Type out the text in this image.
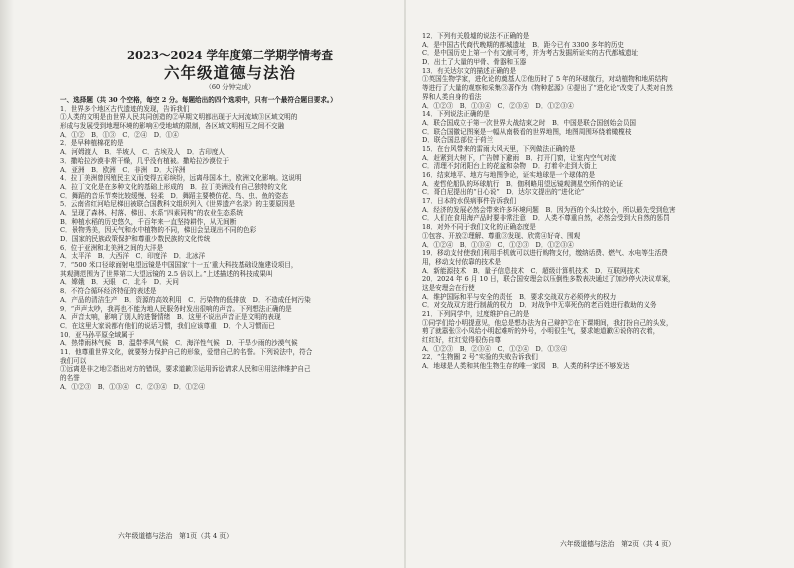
2023～2024 学年度第二学期学情考查
六年级道德与法治
（60 分钟完成）
一、选择题（共 30 个空格，每空 2 分。每题给出的四个选项中，只有一个最符合题目要求。）
1．世界多个地区古代遗迹的发现，告诉我们
①人类的文明是由世界人民共同创造的②早期文明都出现于大河流域③区域文明的
形成与发展受到地理环境的影响④受地域的限制，各区域文明相互之间不交融
A．①②　B．①③　C．②④　D．①④
2．是早种植棉花的是
A．河姆渡人　B．半坡人　C．古埃及人　D．古印度人
3．撒哈拉沙漠非常干燥，几乎没有植被。撒哈拉沙漠位于
A．亚洲　B．欧洲　C．非洲　D．大洋洲
4．拉丁美洲曾因殖民主义而变得五彩缤纷，远离母国本土，欧洲文化影响。这说明
A．拉丁文化是在多种文化的基础上形成的　B．拉丁美洲没有自己独特的文化
C．舞蹈的音乐节奏比较缓慢、轻柔　D．舞蹈主要模仿花、鸟、虫、鱼的姿态
5．云南省红河哈尼梯田被联合国教科文组织列入《世界遗产名录》的主要原因是
A．呈现了森林、村落、梯田、水系“四素同构”的农业生态系统
B．种植水稻的历史悠久，千百年来一直坚持耕作，从无间断
C．景物秀美，因天气和水中植物的不同，梯田会呈现出不同的色彩
D．国家的民族政策保护和尊重少数民族的文化传统
6．位于亚洲和北美洲之间的大洋是
A．太平洋　B．大西洋　C．印度洋　D．北冰洋
7．“500 米口径球面射电望远镜是中国国家‘十一五’重大科技基础设施建设项目，
其观测范围为了世界第二大望远镜的 2.5 倍以上。”上述描述的科技成果叫
A．嫦娥　B．天眼　C．北斗　D．天问
8．不符合循环经济特征的表述是
A．产品的清洁生产　B．资源的高效利用　C．污染物的低排放　D．不造成任何污染
9．“声声太吵，我再也不能为地人民服务时发出很响的声音。下列想法正确的是
A．声音太响，影响了别人的进餐情绪　B．这里不说出声音正是文明的表现
C．在这里大家说都有他们的说话习惯，我们应该尊重　D．个人习惯而已
10．亚马孙平原全域属于
A．热带雨林气候　B．温带季风气候　C．海洋性气候　D．干旱少雨的沙漠气候
11．他尊重世界文化，就要努力保护自己的形象，爱惜自己的名誉。下列说法中，符合
我们可以
①远离是非之地②指出对方的错误，要求道歉③运用诉讼请求人民和④用法律维护自己
的名誉
A．①②③　B．①③④　C．②③④　D．①②④
六年级道德与法治　第1页（共 4 页）
12．下列有关殷墟的说法不正确的是
A．是中国古代商代晚期的都城遗址　B．距今已有 3300 多年的历史
C．是中国历史上第一个有文献可考，并为考古发掘所证实的古代都城遗址
D．出土了大量的甲骨、骨器和玉器
13．有关达尔文的描述正确的是
①英国生物学家，进化论的奠基人②他历时了 5 年的环球航行，对动植物和地质结构
等进行了大量的观察和采集③著作为《物种起源》④提出了“进化论”改变了人类对自然
界和人类自身的看法
A．①②③　B．①③④　C．②③④　D．①②③④
14．下列说法正确的是
A．联合国成立于第一次世界大战结束之时　B．中国是联合国创始会员国
C．联合国徽记图案是一幅从南极看的世界地图，地图周围环绕着橄榄枝
D．联合国总部位于荷兰
15．在台风带来的雷雨大风天里，下列做法正确的是
A．赶紧到大树下，广告牌下避雨　B．打开门窗，让室内空气对流
C．清理不封闭阳台上的花盆和杂物　D．打着伞走到大街上
16．结束地平、地方与地图争论，证实地球是一个球体的是
A．麦哲伦船队的环球航行　B．伽利略用望远镜观测星空所作的论证
C．哥白尼提出的“日心说”　D．达尔文提出的“进化论”
17．日本的水俣病事件告诉我们
A．经济的发展必然会带来许多环境问题　B．因为西的个头比较小，所以最先受到危害
C．人们在食用海产品时要非常注意　D．人类不尊重自然，必然会受到大自然的惩罚
18．对外不同于我们文化的正确态度是
①包容、开放②理解、尊重③发现、欣赏④好奇、围观
A．①②④　B．①③④　C．①②③　D．①②③④
19．移动支付使我们利用手机就可以进行购物支付，缴纳话费、燃气、水电等生活费
用，移动支付依靠的技术是
A．新能源技术　B．量子信息技术　C．超级计算机技术　D．互联网技术
20．2024 年 6 月 10 日，联合国安理会以压倒性多数表决通过了加沙停火决议草案，
这是安理会在行使
A．维护国际和平与安全的责任　B．要求交战双方必须停火的权力
C．对交战双方进行制裁的权力　D．对战争中无辜死伤的老百姓进行救助的义务
21．下列同学中，过度维护自己的是
①同学们给小明提意见，他总是想办法为自己辩护②在下课期间，我打扮自己的头发，
剪了就嚣张③小凤给小明起难听的外号，小明很生气，要求她道歉④说你的衣着，
红红好，红红觉得很伤自尊
A．①②③　B．②③④　C．①②④　D．①③④
22．“生物圈 2 号”实验的失败告诉我们
A．地球是人类和其他生物生存的唯一家园　B．人类的科学还不够发达
六年级道德与法治　第2页（共 4 页）
